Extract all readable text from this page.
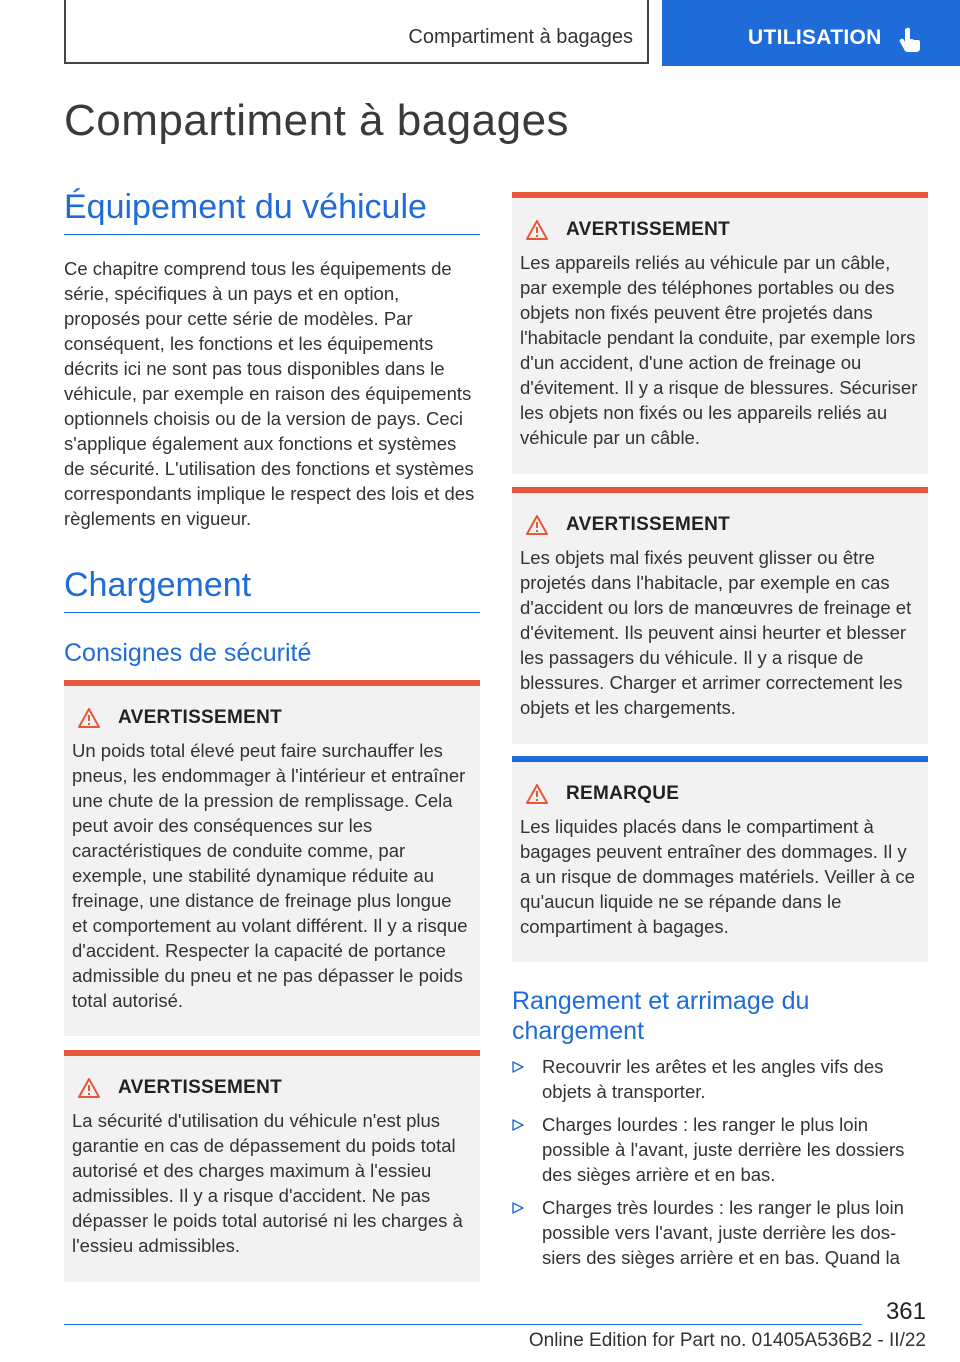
Compartiment à bagages	UTILISATION
Compartiment à bagages
Équipement du véhicule

Ce chapitre comprend tous les équipements de série, spécifiques à un pays et en option, proposés pour cette série de modèles. Par conséquent, les fonctions et les équipements décrits ici ne sont pas tous disponibles dans le véhicule, par exemple en raison des équipements optionnels choisis ou de la version de pays. Ceci s'applique également aux fonctions et systèmes de sécurité. L'utilisation des fonctions et systèmes correspondants implique le respect des lois et des règlements en vigueur.

Chargement
Consignes de sécurité
AVERTISSEMENT

Un poids total élevé peut faire surchauffer les pneus, les endommager à l'intérieur et entraîner une chute de la pression de remplissage. Cela peut avoir des conséquences sur les caractéristiques de conduite comme, par exemple, une stabilité dynamique réduite au freinage, une distance de freinage plus longue et comportement au volant différent. Il y a risque d'accident. Respecter la capacité de portance admissible du pneu et ne pas dépasser le poids total autorisé.

AVERTISSEMENT

La sécurité d'utilisation du véhicule n'est plus garantie en cas de dépassement du poids total autorisé et des charges maximum à l'essieu admissibles. Il y a risque d'accident. Ne pas dépasser le poids total autorisé ni les charges à l'essieu admissibles.

AVERTISSEMENT

Les appareils reliés au véhicule par un câble, par exemple des téléphones portables ou des objets non fixés peuvent être projetés dans l'habitacle pendant la conduite, par exemple lors d'un accident, d'une action de freinage ou d'évitement. Il y a risque de blessures. Sécuriser les objets non fixés ou les appareils reliés au véhicule par un câble.

AVERTISSEMENT

Les objets mal fixés peuvent glisser ou être projetés dans l'habitacle, par exemple en cas d'accident ou lors de manœuvres de freinage et d'évitement. Ils peuvent ainsi heurter et blesser les passagers du véhicule. Il y a risque de blessures. Charger et arrimer correctement les objets et les chargements.

REMARQUE

Les liquides placés dans le compartiment à bagages peuvent entraîner des dommages. Il y a un risque de dommages matériels. Veiller à ce qu'aucun liquide ne se répande dans le compartiment à bagages.

Rangement et arrimage du chargement
Recouvrir les arêtes et les angles vifs des objets à transporter.
Charges lourdes : les ranger le plus loin possible à l'avant, juste derrière les dossiers des sièges arrière et en bas.
Charges très lourdes : les ranger le plus loin possible vers l'avant, juste derrière les dossiers des sièges arrière et en bas. Quand la
361
Online Edition for Part no. 01405A536B2 - II/22
